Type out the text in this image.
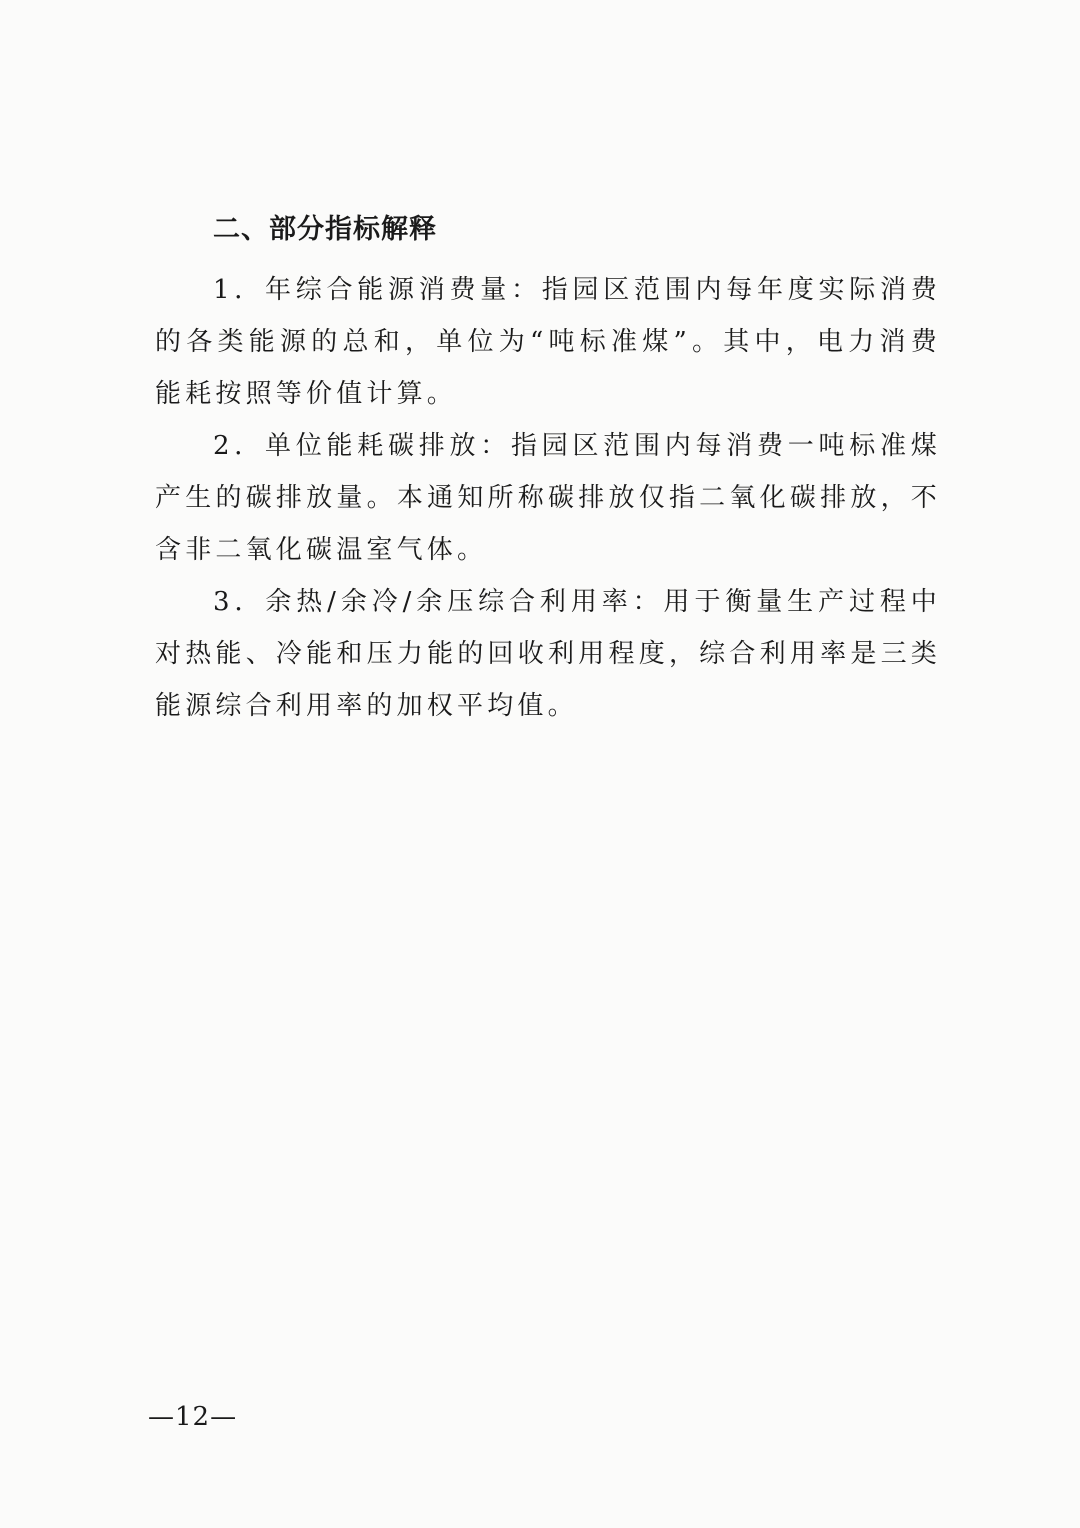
二、部分指标解释

1．年综合能源消费量：指园区范围内每年度实际消费的各类能源的总和，单位为“吨标准煤”。其中，电力消费能耗按照等价值计算。

2．单位能耗碳排放：指园区范围内每消费一吨标准煤产生的碳排放量。本通知所称碳排放仅指二氧化碳排放，不含非二氧化碳温室气体。

3．余热/余冷/余压综合利用率：用于衡量生产过程中对热能、冷能和压力能的回收利用程度，综合利用率是三类能源综合利用率的加权平均值。

—12—
